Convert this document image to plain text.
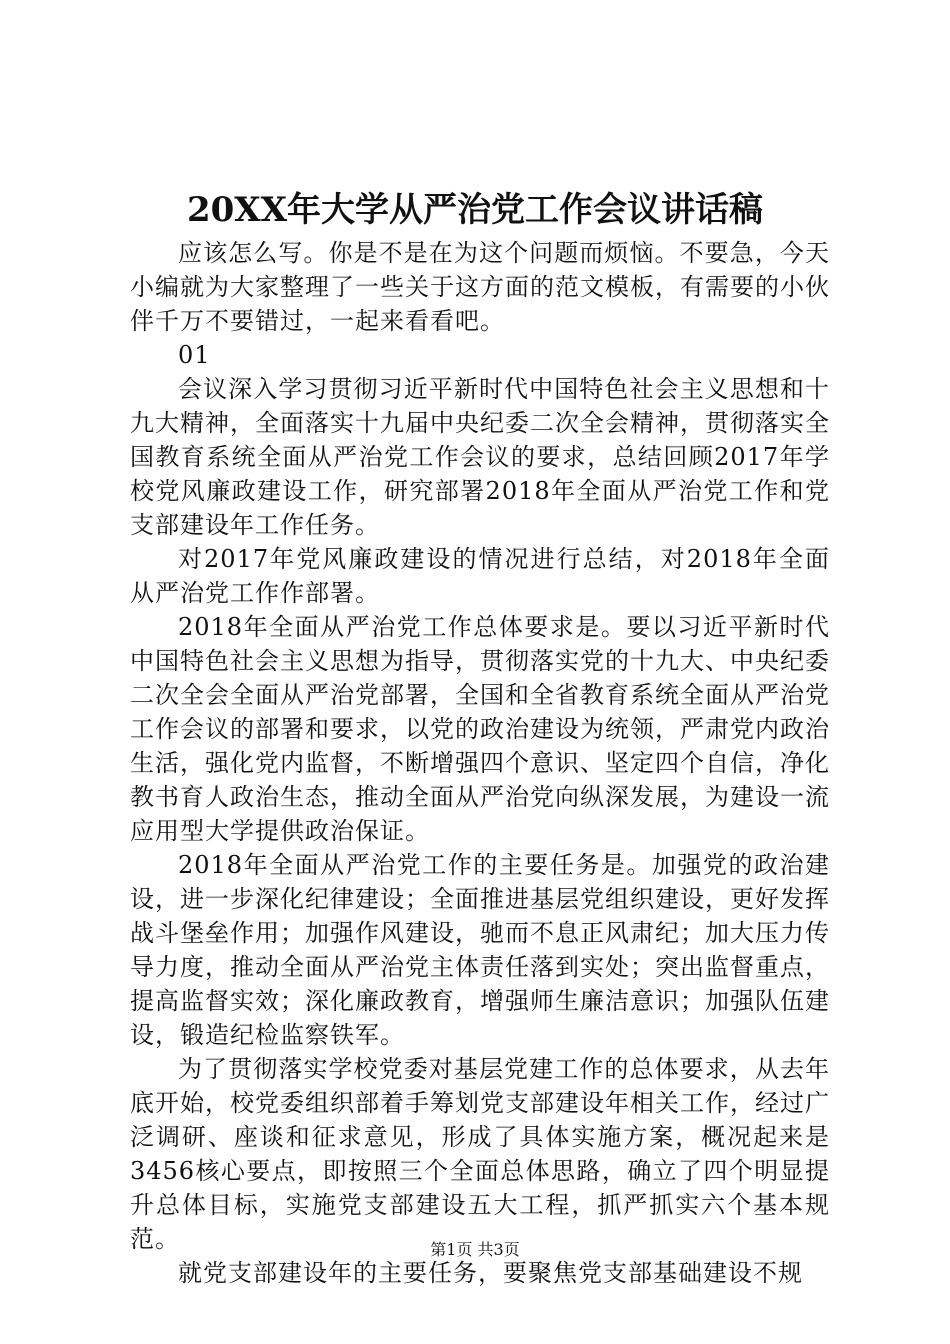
20XX年大学从严治党工作会议讲话稿

应该怎么写。你是不是在为这个问题而烦恼。不要急，今天小编就为大家整理了一些关于这方面的范文模板，有需要的小伙伴千万不要错过，一起来看看吧。

01

会议深入学习贯彻习近平新时代中国特色社会主义思想和十九大精神，全面落实十九届中央纪委二次全会精神，贯彻落实全国教育系统全面从严治党工作会议的要求，总结回顾2017年学校党风廉政建设工作，研究部署2018年全面从严治党工作和党支部建设年工作任务。

对2017年党风廉政建设的情况进行总结，对2018年全面从严治党工作作部署。

2018年全面从严治党工作总体要求是。要以习近平新时代中国特色社会主义思想为指导，贯彻落实党的十九大、中央纪委二次全会全面从严治党部署，全国和全省教育系统全面从严治党工作会议的部署和要求，以党的政治建设为统领，严肃党内政治生活，强化党内监督，不断增强四个意识、坚定四个自信，净化教书育人政治生态，推动全面从严治党向纵深发展，为建设一流应用型大学提供政治保证。

2018年全面从严治党工作的主要任务是。加强党的政治建设，进一步深化纪律建设；全面推进基层党组织建设，更好发挥战斗堡垒作用；加强作风建设，驰而不息正风肃纪；加大压力传导力度，推动全面从严治党主体责任落到实处；突出监督重点，提高监督实效；深化廉政教育，增强师生廉洁意识；加强队伍建设，锻造纪检监察铁军。

为了贯彻落实学校党委对基层党建工作的总体要求，从去年底开始，校党委组织部着手筹划党支部建设年相关工作，经过广泛调研、座谈和征求意见，形成了具体实施方案，概况起来是3456核心要点，即按照三个全面总体思路，确立了四个明显提升总体目标，实施党支部建设五大工程，抓严抓实六个基本规范。

就党支部建设年的主要任务，要聚焦党支部基础建设不规

第1页 共3页
